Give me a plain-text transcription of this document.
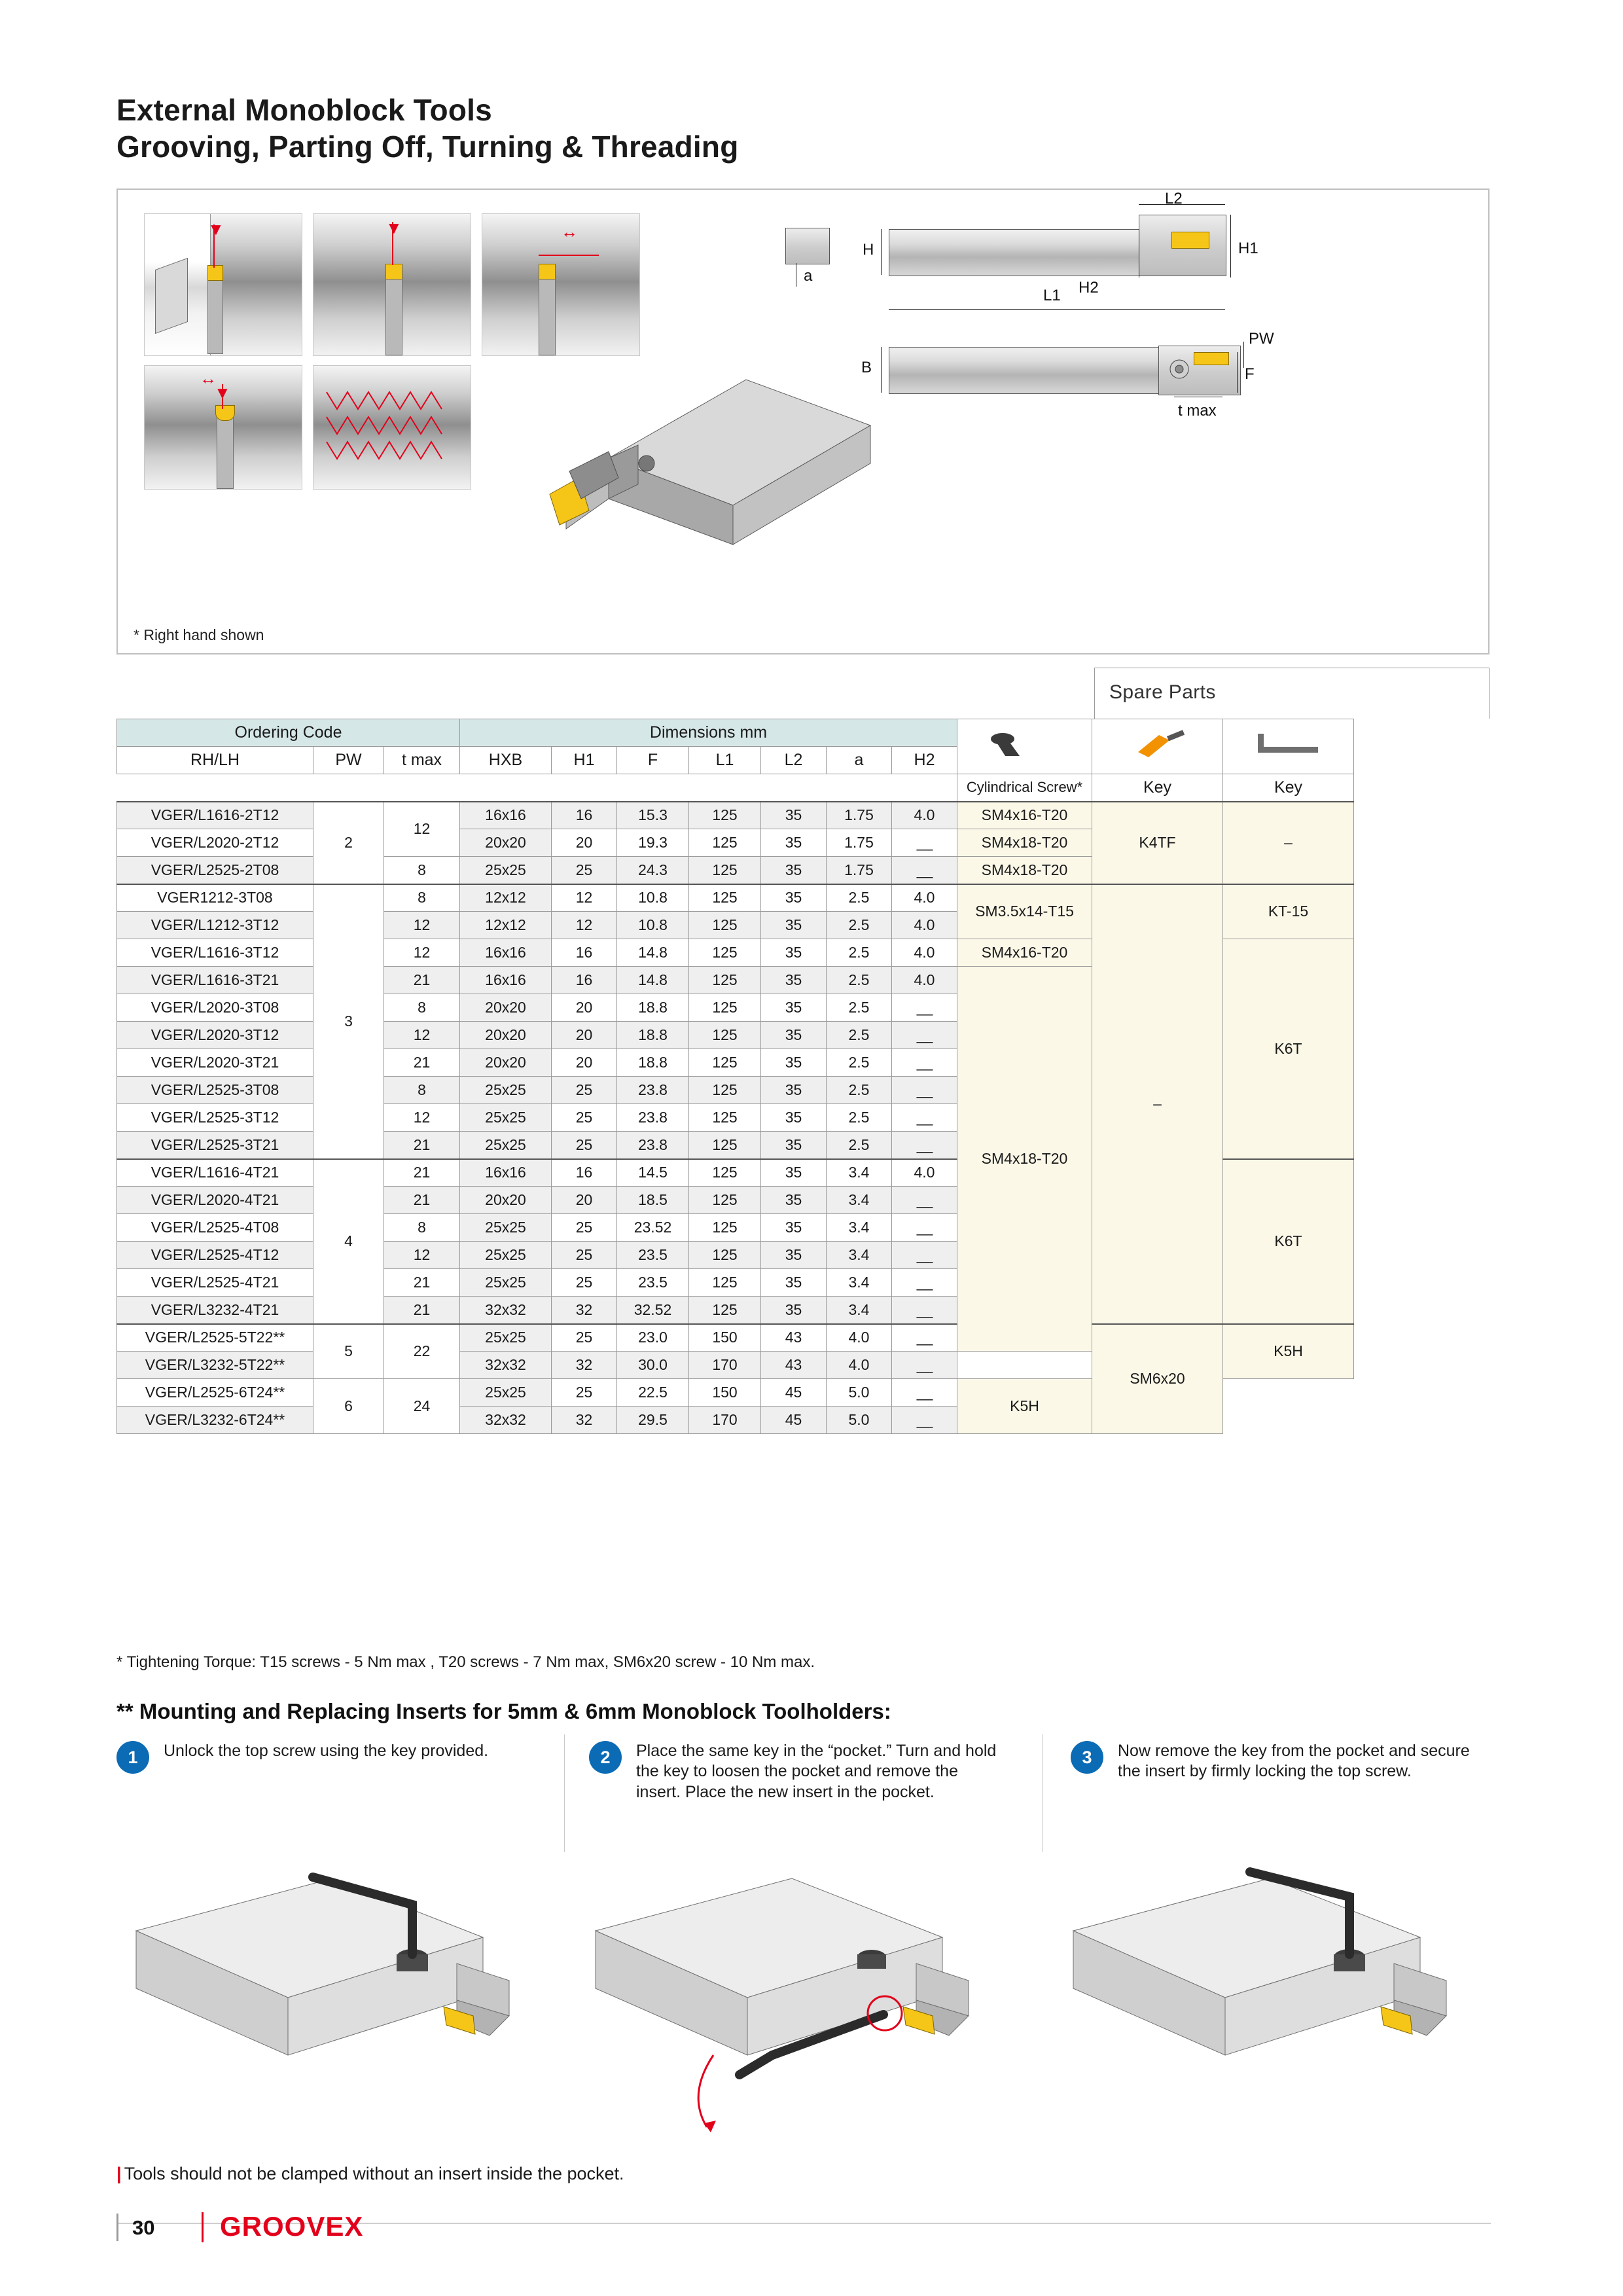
External Monoblock Tools
Grooving, Parting Off, Turning & Threading
▼	▼	↔
↔
▼
a
H	H1
H2
L1
L2
B
PW
F
t max
* Right hand shown
Spare Parts
Ordering Code			Dimensions mm			
RH/LH	PW	t max	HXB	H1	F	L1	L2	a	H2			
										Cylindrical Screw*	Key	Key
VGER/L1616-2T12	2	12	16x16	16	15.3	125	35	1.75	4.0	SM4x16-T20	K4TF	–
VGER/L2020-2T12			20x20	20	19.3	125	35	1.75	__	SM4x18-T20		
VGER/L2525-2T08		8	25x25	25	24.3	125	35	1.75	__	SM4x18-T20		
VGER1212-3T08	3	8	12x12	12	10.8	125	35	2.5	4.0	SM3.5x14-T15	–	KT-15
VGER/L1212-3T12		12	12x12	12	10.8	125	35	2.5	4.0			
VGER/L1616-3T12		12	16x16	16	14.8	125	35	2.5	4.0	SM4x16-T20		K6T
VGER/L1616-3T21		21	16x16	16	14.8	125	35	2.5	4.0	SM4x18-T20		
VGER/L2020-3T08		8	20x20	20	18.8	125	35	2.5	__			
VGER/L2020-3T12		12	20x20	20	18.8	125	35	2.5	__			
VGER/L2020-3T21		21	20x20	20	18.8	125	35	2.5	__			
VGER/L2525-3T08		8	25x25	25	23.8	125	35	2.5	__			
VGER/L2525-3T12		12	25x25	25	23.8	125	35	2.5	__			
VGER/L2525-3T21		21	25x25	25	23.8	125	35	2.5	__			
VGER/L1616-4T21	4	21	16x16	16	14.5	125	35	3.4	4.0			K6T
VGER/L2020-4T21		21	20x20	20	18.5	125	35	3.4	__			
VGER/L2525-4T08		8	25x25	25	23.52	125	35	3.4	__			
VGER/L2525-4T12		12	25x25	25	23.5	125	35	3.4	__			
VGER/L2525-4T21		21	25x25	25	23.5	125	35	3.4	__			
VGER/L3232-4T21		21	32x32	32	32.52	125	35	3.4	__			
VGER/L2525-5T22**	5	22	25x25	25	23.0	150	43	4.0	__		SM6x20	K5H
VGER/L3232-5T22**			32x32	32	30.0	170	43	4.0	__			
VGER/L2525-6T24**	6	24	25x25	25	22.5	150	45	5.0	__	K5H		
VGER/L3232-6T24**			32x32	32	29.5	170	45	5.0	__			
* Tightening Torque: T15 screws - 5 Nm max , T20 screws - 7 Nm max, SM6x20 screw - 10 Nm max.
** Mounting and Replacing Inserts for 5mm & 6mm Monoblock Toolholders:
1	Unlock the top screw using the key provided.	2	Place the same key in the “pocket.” Turn and hold the key to loosen the pocket and remove the insert. Place the new insert in the pocket.
3	Now remove the key from the pocket and secure the insert by firmly locking the top screw.
| Tools should not be clamped without an insert inside the pocket.
30 GROOVEX
